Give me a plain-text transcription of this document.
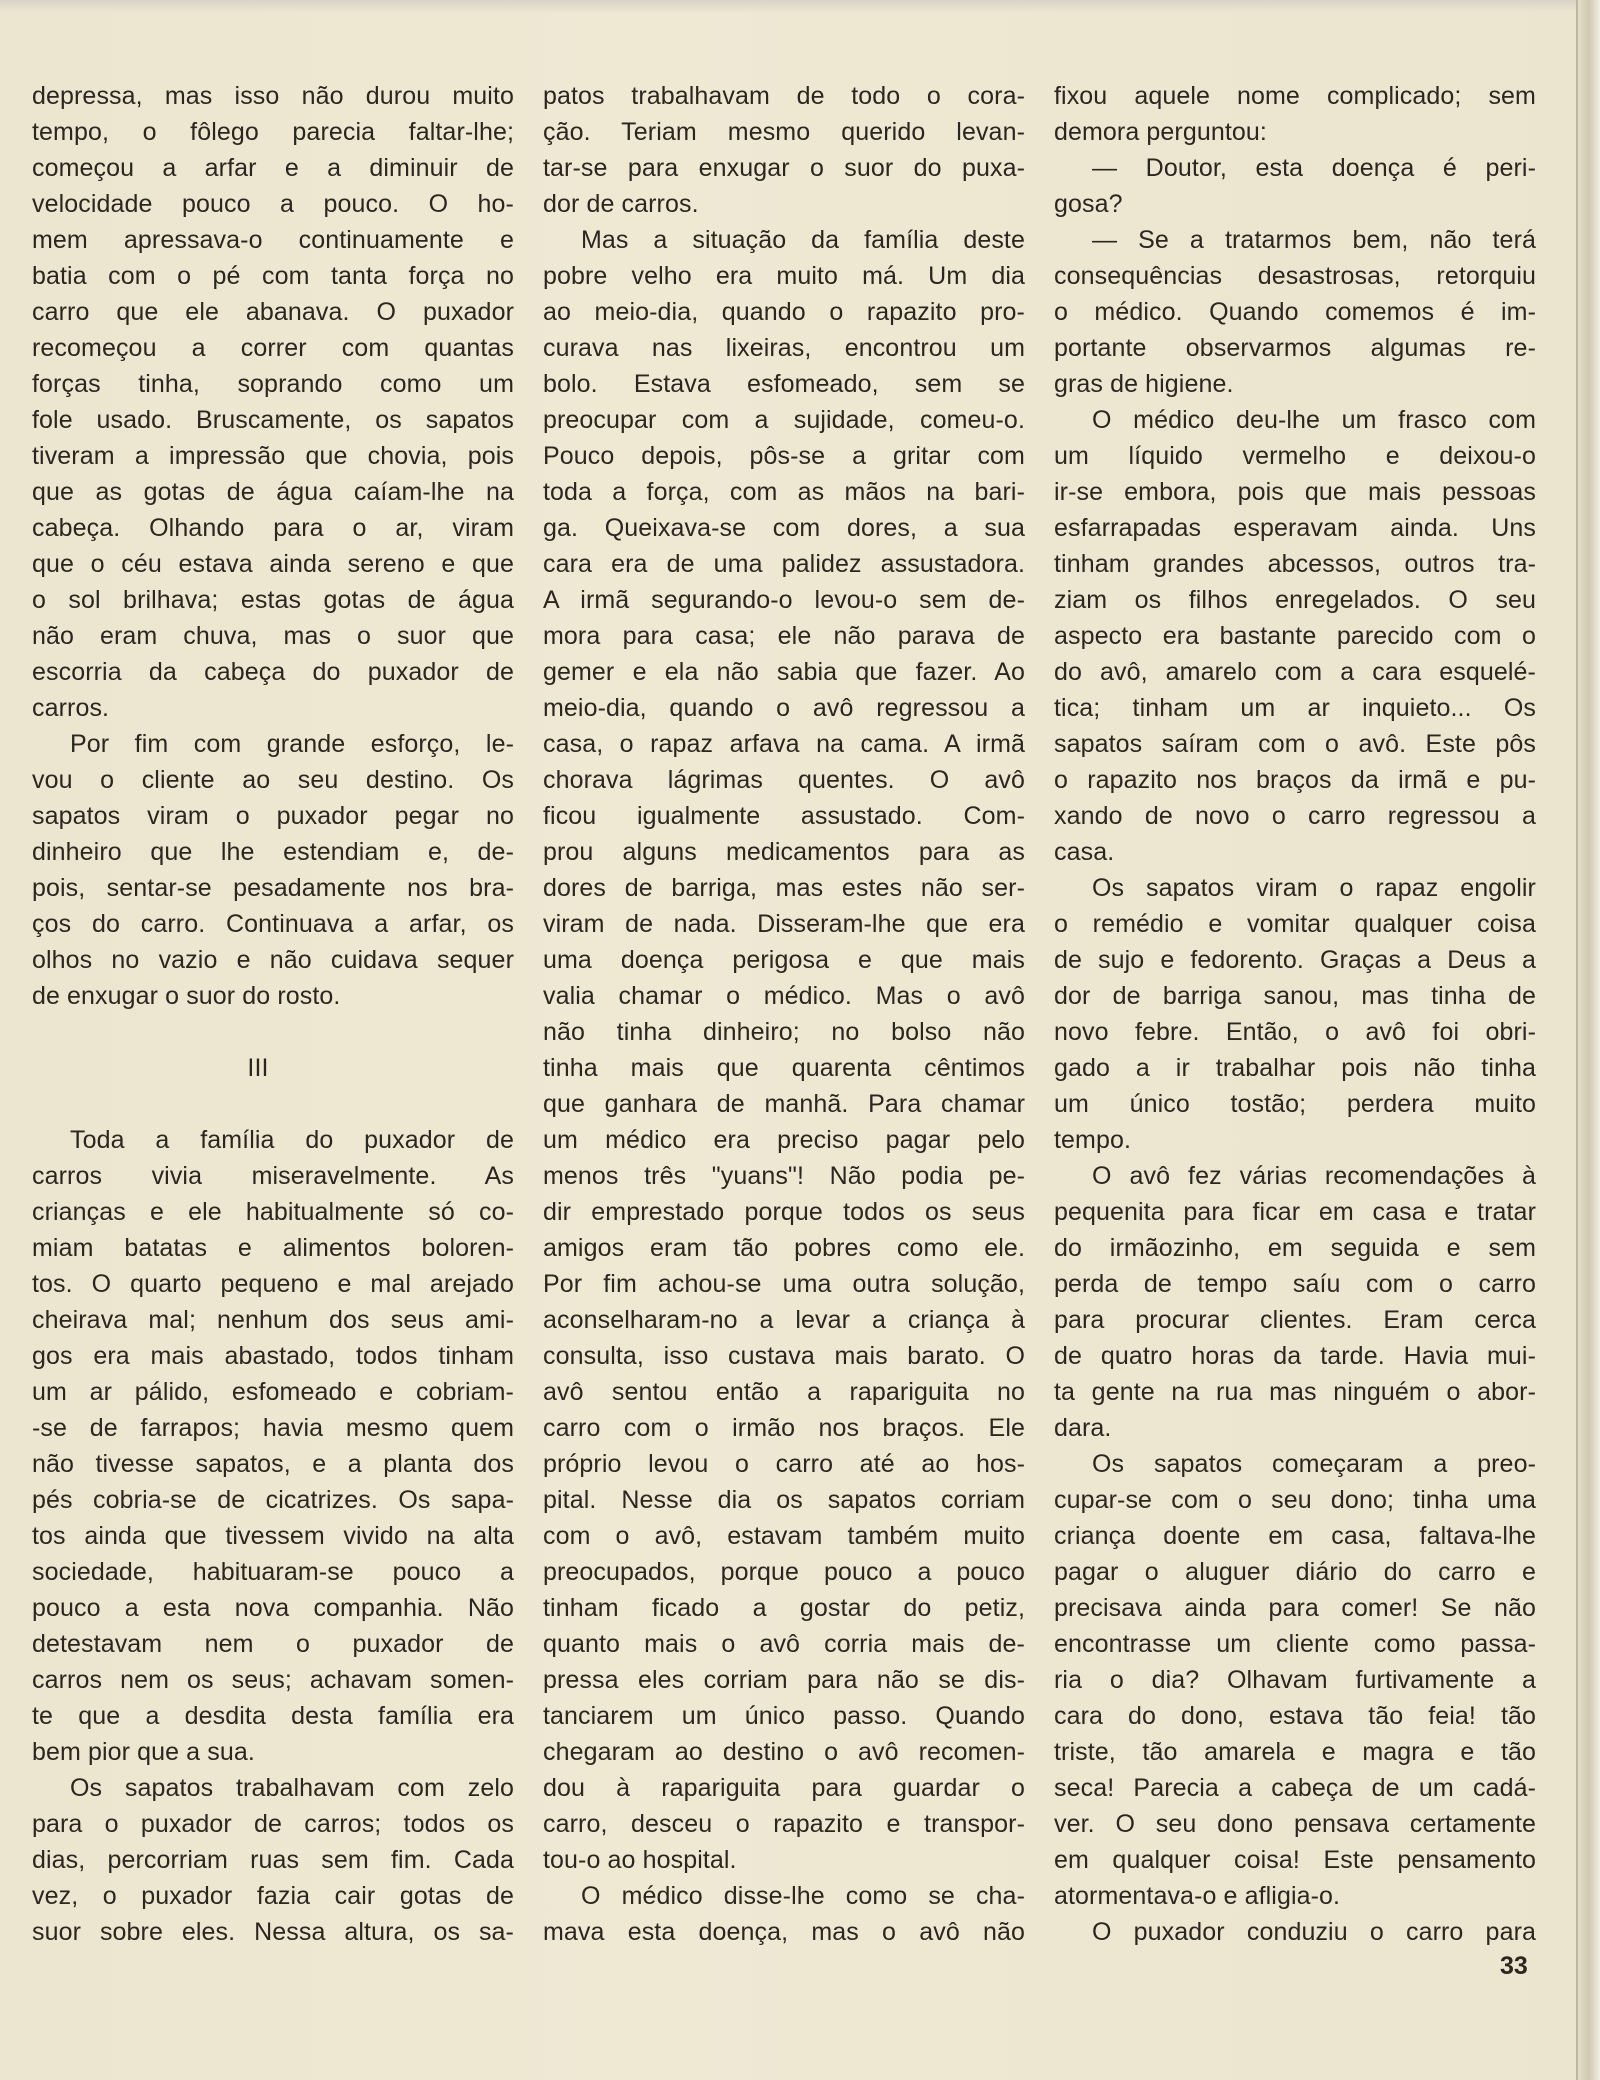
depressa, mas isso não durou muito
tempo, o fôlego parecia faltar-lhe;
começou a arfar e a diminuir de
velocidade pouco a pouco. O ho-
mem apressava-o continuamente e
batia com o pé com tanta força no
carro que ele abanava. O puxador
recomeçou a correr com quantas
forças tinha, soprando como um
fole usado. Bruscamente, os sapatos
tiveram a impressão que chovia, pois
que as gotas de água caíam-lhe na
cabeça. Olhando para o ar, viram
que o céu estava ainda sereno e que
o sol brilhava; estas gotas de água
não eram chuva, mas o suor que
escorria da cabeça do puxador de
carros.
Por fim com grande esforço, le-
vou o cliente ao seu destino. Os
sapatos viram o puxador pegar no
dinheiro que lhe estendiam e, de-
pois, sentar-se pesadamente nos bra-
ços do carro. Continuava a arfar, os
olhos no vazio e não cuidava sequer
de enxugar o suor do rosto.
III
Toda a família do puxador de
carros vivia miseravelmente. As
crianças e ele habitualmente só co-
miam batatas e alimentos boloren-
tos. O quarto pequeno e mal arejado
cheirava mal; nenhum dos seus ami-
gos era mais abastado, todos tinham
um ar pálido, esfomeado e cobriam-
-se de farrapos; havia mesmo quem
não tivesse sapatos, e a planta dos
pés cobria-se de cicatrizes. Os sapa-
tos ainda que tivessem vivido na alta
sociedade, habituaram-se pouco a
pouco a esta nova companhia. Não
detestavam nem o puxador de
carros nem os seus; achavam somen-
te que a desdita desta família era
bem pior que a sua.
Os sapatos trabalhavam com zelo
para o puxador de carros; todos os
dias, percorriam ruas sem fim. Cada
vez, o puxador fazia cair gotas de
suor sobre eles. Nessa altura, os sa-
patos trabalhavam de todo o cora-
ção. Teriam mesmo querido levan-
tar-se para enxugar o suor do puxa-
dor de carros.
Mas a situação da família deste
pobre velho era muito má. Um dia
ao meio-dia, quando o rapazito pro-
curava nas lixeiras, encontrou um
bolo. Estava esfomeado, sem se
preocupar com a sujidade, comeu-o.
Pouco depois, pôs-se a gritar com
toda a força, com as mãos na bari-
ga. Queixava-se com dores, a sua
cara era de uma palidez assustadora.
A irmã segurando-o levou-o sem de-
mora para casa; ele não parava de
gemer e ela não sabia que fazer. Ao
meio-dia, quando o avô regressou a
casa, o rapaz arfava na cama. A irmã
chorava lágrimas quentes. O avô
ficou igualmente assustado. Com-
prou alguns medicamentos para as
dores de barriga, mas estes não ser-
viram de nada. Disseram-lhe que era
uma doença perigosa e que mais
valia chamar o médico. Mas o avô
não tinha dinheiro; no bolso não
tinha mais que quarenta cêntimos
que ganhara de manhã. Para chamar
um médico era preciso pagar pelo
menos três "yuans"! Não podia pe-
dir emprestado porque todos os seus
amigos eram tão pobres como ele.
Por fim achou-se uma outra solução,
aconselharam-no a levar a criança à
consulta, isso custava mais barato. O
avô sentou então a rapariguita no
carro com o irmão nos braços. Ele
próprio levou o carro até ao hos-
pital. Nesse dia os sapatos corriam
com o avô, estavam também muito
preocupados, porque pouco a pouco
tinham ficado a gostar do petiz,
quanto mais o avô corria mais de-
pressa eles corriam para não se dis-
tanciarem um único passo. Quando
chegaram ao destino o avô recomen-
dou à rapariguita para guardar o
carro, desceu o rapazito e transpor-
tou-o ao hospital.
O médico disse-lhe como se cha-
mava esta doença, mas o avô não
fixou aquele nome complicado; sem
demora perguntou:
— Doutor, esta doença é peri-
gosa?
— Se a tratarmos bem, não terá
consequências desastrosas, retorquiu
o médico. Quando comemos é im-
portante observarmos algumas re-
gras de higiene.
O médico deu-lhe um frasco com
um líquido vermelho e deixou-o
ir-se embora, pois que mais pessoas
esfarrapadas esperavam ainda. Uns
tinham grandes abcessos, outros tra-
ziam os filhos enregelados. O seu
aspecto era bastante parecido com o
do avô, amarelo com a cara esquelé-
tica; tinham um ar inquieto... Os
sapatos saíram com o avô. Este pôs
o rapazito nos braços da irmã e pu-
xando de novo o carro regressou a
casa.
Os sapatos viram o rapaz engolir
o remédio e vomitar qualquer coisa
de sujo e fedorento. Graças a Deus a
dor de barriga sanou, mas tinha de
novo febre. Então, o avô foi obri-
gado a ir trabalhar pois não tinha
um único tostão; perdera muito
tempo.
O avô fez várias recomendações à
pequenita para ficar em casa e tratar
do irmãozinho, em seguida e sem
perda de tempo saíu com o carro
para procurar clientes. Eram cerca
de quatro horas da tarde. Havia mui-
ta gente na rua mas ninguém o abor-
dara.
Os sapatos começaram a preo-
cupar-se com o seu dono; tinha uma
criança doente em casa, faltava-lhe
pagar o aluguer diário do carro e
precisava ainda para comer! Se não
encontrasse um cliente como passa-
ria o dia? Olhavam furtivamente a
cara do dono, estava tão feia! tão
triste, tão amarela e magra e tão
seca! Parecia a cabeça de um cadá-
ver. O seu dono pensava certamente
em qualquer coisa! Este pensamento
atormentava-o e afligia-o.
O puxador conduziu o carro para
33
